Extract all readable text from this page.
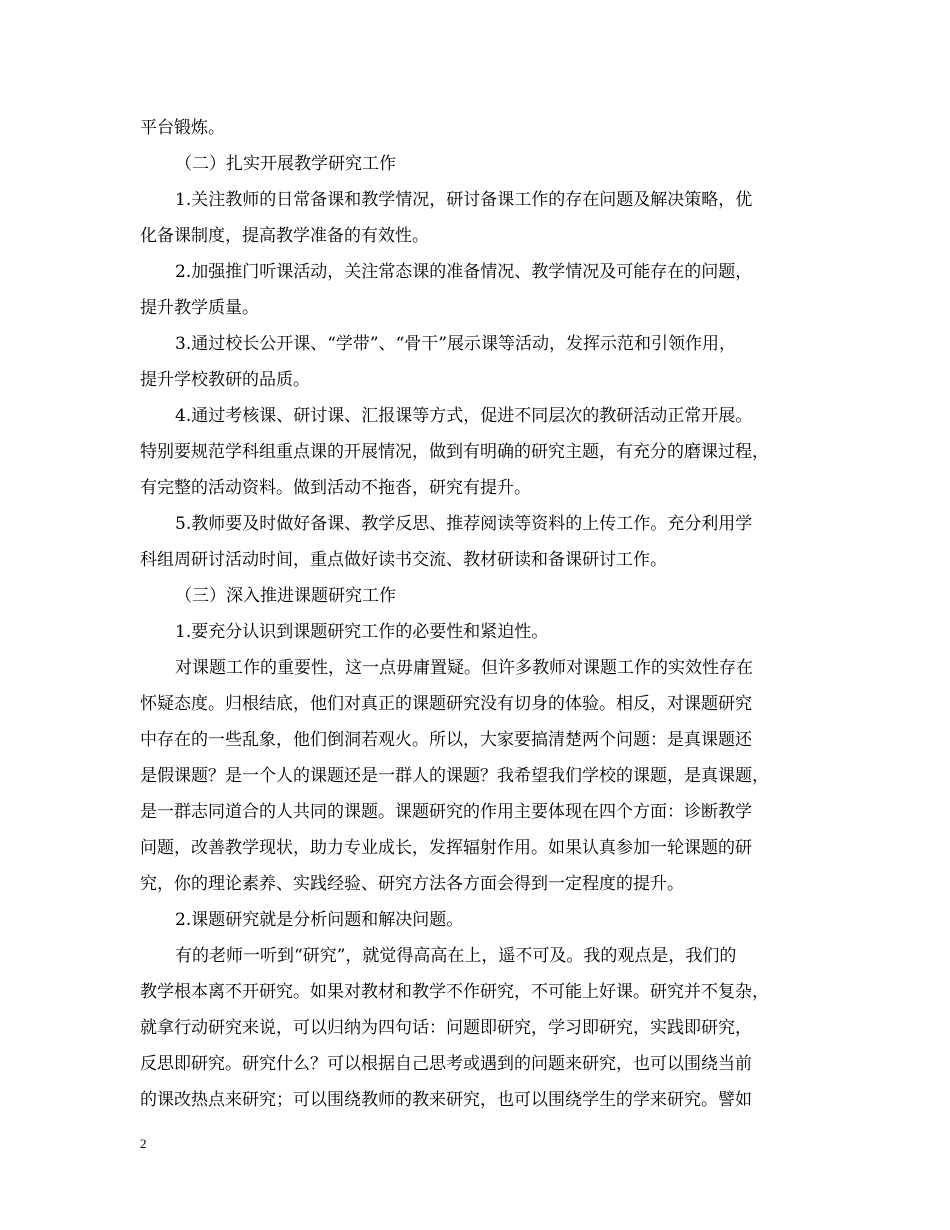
平台锻炼。

（二）扎实开展教学研究工作

1.关注教师的日常备课和教学情况，研讨备课工作的存在问题及解决策略，优

化备课制度，提高教学准备的有效性。

2.加强推门听课活动，关注常态课的准备情况、教学情况及可能存在的问题，

提升教学质量。

3.通过校长公开课、“学带”、“骨干”展示课等活动，发挥示范和引领作用，

提升学校教研的品质。

4.通过考核课、研讨课、汇报课等方式，促进不同层次的教研活动正常开展。

特别要规范学科组重点课的开展情况，做到有明确的研究主题，有充分的磨课过程，

有完整的活动资料。做到活动不拖沓，研究有提升。

5.教师要及时做好备课、教学反思、推荐阅读等资料的上传工作。充分利用学

科组周研讨活动时间，重点做好读书交流、教材研读和备课研讨工作。

（三）深入推进课题研究工作

1.要充分认识到课题研究工作的必要性和紧迫性。

对课题工作的重要性，这一点毋庸置疑。但许多教师对课题工作的实效性存在

怀疑态度。归根结底，他们对真正的课题研究没有切身的体验。相反，对课题研究

中存在的一些乱象，他们倒洞若观火。所以，大家要搞清楚两个问题：是真课题还

是假课题？是一个人的课题还是一群人的课题？我希望我们学校的课题，是真课题，

是一群志同道合的人共同的课题。课题研究的作用主要体现在四个方面：诊断教学

问题，改善教学现状，助力专业成长，发挥辐射作用。如果认真参加一轮课题的研

究，你的理论素养、实践经验、研究方法各方面会得到一定程度的提升。

2.课题研究就是分析问题和解决问题。

有的老师一听到“研究”，就觉得高高在上，遥不可及。我的观点是，我们的

教学根本离不开研究。如果对教材和教学不作研究，不可能上好课。研究并不复杂，

就拿行动研究来说，可以归纳为四句话：问题即研究，学习即研究，实践即研究，

反思即研究。研究什么？可以根据自己思考或遇到的问题来研究，也可以围绕当前

的课改热点来研究；可以围绕教师的教来研究，也可以围绕学生的学来研究。譬如

2
